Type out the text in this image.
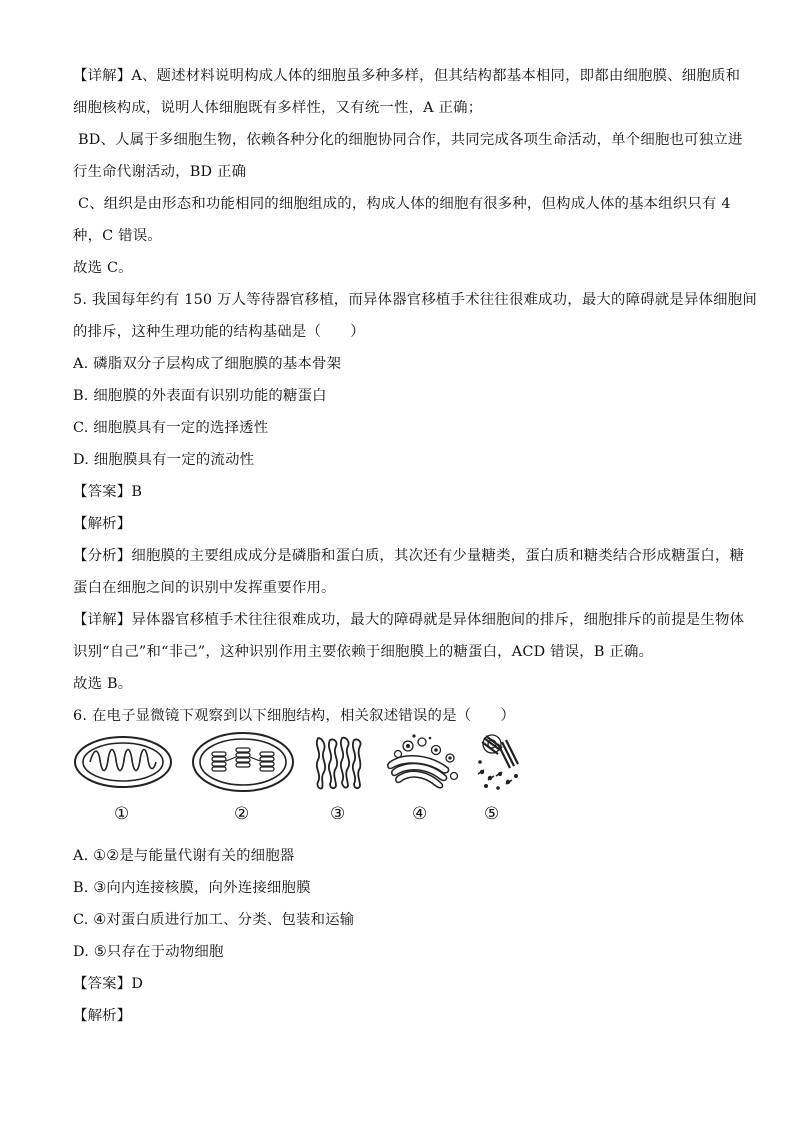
【详解】A、题述材料说明构成人体的细胞虽多种多样，但其结构都基本相同，即都由细胞膜、细胞质和
细胞核构成，说明人体细胞既有多样性，又有统一性，A 正确；
BD、人属于多细胞生物，依赖各种分化的细胞协同合作，共同完成各项生命活动，单个细胞也可独立进
行生命代谢活动，BD 正确
C、组织是由形态和功能相同的细胞组成的，构成人体的细胞有很多种，但构成人体的基本组织只有 4
种，C 错误。
故选 C。
5. 我国每年约有 150 万人等待器官移植，而异体器官移植手术往往很难成功，最大的障碍就是异体细胞间
的排斥，这种生理功能的结构基础是（　　）
A. 磷脂双分子层构成了细胞膜的基本骨架
B. 细胞膜的外表面有识别功能的糖蛋白
C. 细胞膜具有一定的选择透性
D. 细胞膜具有一定的流动性
【答案】B
【解析】
【分析】细胞膜的主要组成成分是磷脂和蛋白质，其次还有少量糖类，蛋白质和糖类结合形成糖蛋白，糖
蛋白在细胞之间的识别中发挥重要作用。
【详解】异体器官移植手术往往很难成功，最大的障碍就是异体细胞间的排斥，细胞排斥的前提是生物体
识别“自己”和“非己”，这种识别作用主要依赖于细胞膜上的糖蛋白，ACD 错误，B 正确。
故选 B。
6. 在电子显微镜下观察到以下细胞结构，相关叙述错误的是（　　）
①	②	③	④	⑤
A. ①②是与能量代谢有关的细胞器
B. ③向内连接核膜，向外连接细胞膜
C. ④对蛋白质进行加工、分类、包装和运输
D. ⑤只存在于动物细胞
【答案】D
【解析】
